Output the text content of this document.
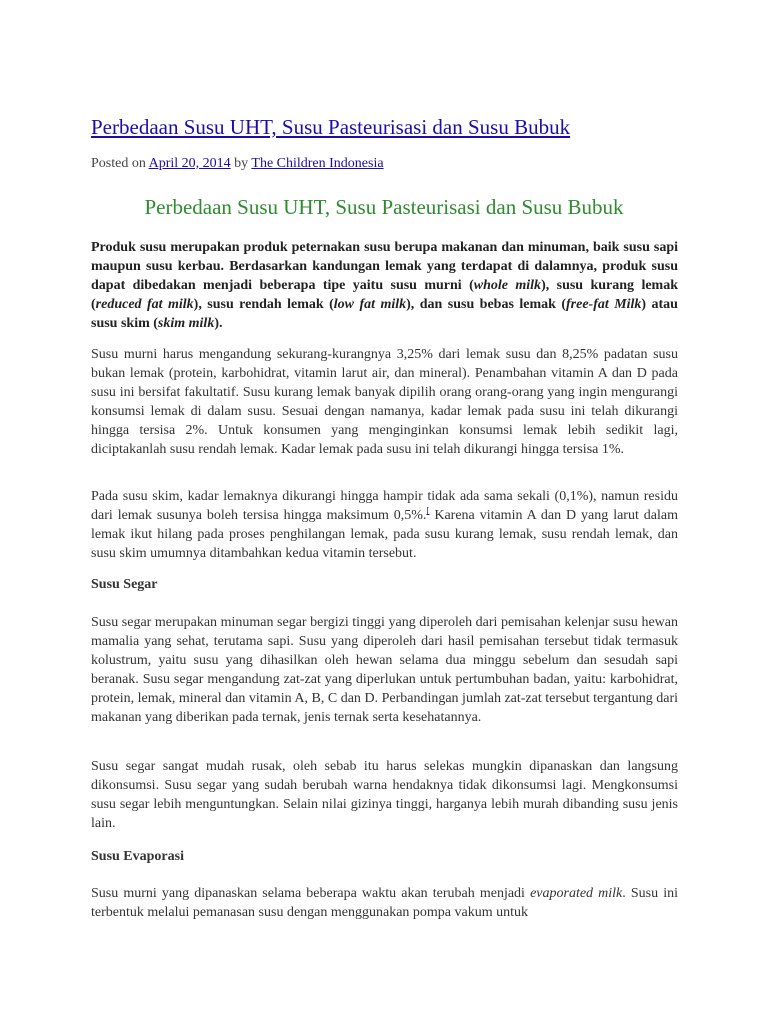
Perbedaan Susu UHT, Susu Pasteurisasi dan Susu Bubuk

Posted on April 20, 2014 by The Children Indonesia

Perbedaan Susu UHT, Susu Pasteurisasi dan Susu Bubuk

Produk susu merupakan produk peternakan susu berupa makanan dan minuman, baik susu sapi maupun susu kerbau. Berdasarkan kandungan lemak yang terdapat di dalamnya, produk susu dapat dibedakan menjadi beberapa tipe yaitu susu murni (whole milk), susu kurang lemak (reduced fat milk), susu rendah lemak (low fat milk), dan susu bebas lemak (free-fat Milk) atau susu skim (skim milk).

Susu murni harus mengandung sekurang-kurangnya 3,25% dari lemak susu dan 8,25% padatan susu bukan lemak (protein, karbohidrat, vitamin larut air, dan mineral). Penambahan vitamin A dan D pada susu ini bersifat fakultatif. Susu kurang lemak banyak dipilih orang orang-orang yang ingin mengurangi konsumsi lemak di dalam susu. Sesuai dengan namanya, kadar lemak pada susu ini telah dikurangi hingga tersisa 2%. Untuk konsumen yang menginginkan konsumsi lemak lebih sedikit lagi, diciptakanlah susu rendah lemak. Kadar lemak pada susu ini telah dikurangi hingga tersisa 1%.

Pada susu skim, kadar lemaknya dikurangi hingga hampir tidak ada sama sekali (0,1%), namun residu dari lemak susunya boleh tersisa hingga maksimum 0,5%.[ Karena vitamin A dan D yang larut dalam lemak ikut hilang pada proses penghilangan lemak, pada susu kurang lemak, susu rendah lemak, dan susu skim umumnya ditambahkan kedua vitamin tersebut.

Susu Segar

Susu segar merupakan minuman segar bergizi tinggi yang diperoleh dari pemisahan kelenjar susu hewan mamalia yang sehat, terutama sapi. Susu yang diperoleh dari hasil pemisahan tersebut tidak termasuk kolustrum, yaitu susu yang dihasilkan oleh hewan selama dua minggu sebelum dan sesudah sapi beranak. Susu segar mengandung zat-zat yang diperlukan untuk pertumbuhan badan, yaitu: karbohidrat, protein, lemak, mineral dan vitamin A, B, C dan D. Perbandingan jumlah zat-zat tersebut tergantung dari makanan yang diberikan pada ternak, jenis ternak serta kesehatannya.

Susu segar sangat mudah rusak, oleh sebab itu harus selekas mungkin dipanaskan dan langsung dikonsumsi. Susu segar yang sudah berubah warna hendaknya tidak dikonsumsi lagi. Mengkonsumsi susu segar lebih menguntungkan. Selain nilai gizinya tinggi, harganya lebih murah dibanding susu jenis lain.

Susu Evaporasi

Susu murni yang dipanaskan selama beberapa waktu akan terubah menjadi evaporated milk. Susu ini terbentuk melalui pemanasan susu dengan menggunakan pompa vakum untuk
